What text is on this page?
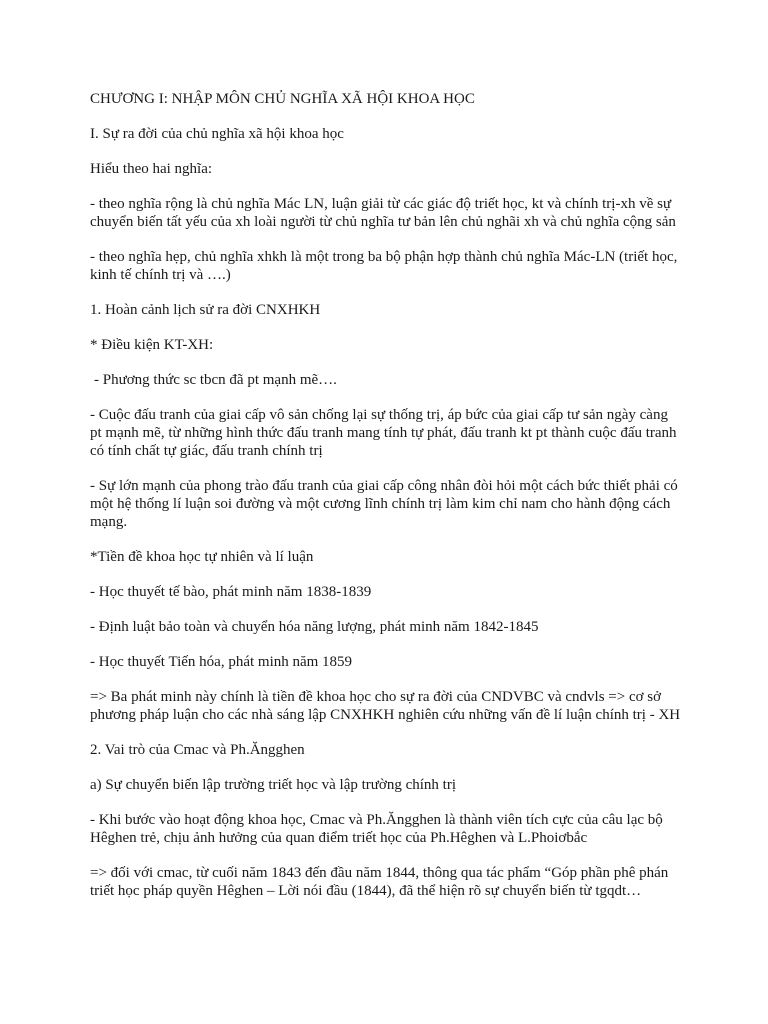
CHƯƠNG I: NHẬP MÔN CHỦ NGHĨA XÃ HỘI KHOA HỌC

I. Sự ra đời của chủ nghĩa xã hội khoa học

Hiểu theo hai nghĩa:

- theo nghĩa rộng là chủ nghĩa Mác LN, luận giải từ các giác độ triết học, kt và chính trị-xh về sự chuyển biến tất yếu của xh loài người từ chủ nghĩa tư bản lên chủ nghãi xh và chủ nghĩa cộng sản

- theo nghĩa hẹp, chủ nghĩa xhkh là một trong ba bộ phận hợp thành chủ nghĩa Mác-LN (triết học, kinh tế chính trị và ….)

1. Hoàn cảnh lịch sử ra đời CNXHKH

* Điều kiện KT-XH:

- Phương thức sc tbcn đã pt mạnh mẽ….

- Cuộc đấu tranh của giai cấp vô sản chống lại sự thống trị, áp bức của giai cấp tư sản ngày càng pt mạnh mẽ, từ những hình thức đấu tranh mang tính tự phát, đấu tranh kt pt thành cuộc đấu tranh có tính chất tự giác, đấu tranh chính trị

- Sự lớn mạnh của phong trào đấu tranh của giai cấp công nhân đòi hỏi một cách bức thiết phải có một hệ thống lí luận soi đường và một cương lĩnh chính trị làm kim chỉ nam cho hành động cách mạng.

*Tiền đề khoa học tự nhiên và lí luận

- Học thuyết tế bào, phát minh năm 1838-1839

- Định luật bảo toàn và chuyển hóa năng lượng, phát minh năm 1842-1845

- Học thuyết Tiến hóa, phát minh năm 1859

=> Ba phát minh này chính là tiền đề khoa học cho sự ra đời của CNDVBC và cndvls => cơ sở phương pháp luận cho các nhà sáng lập CNXHKH nghiên cứu những vấn đề lí luận chính trị - XH

2. Vai trò của Cmac và Ph.Ăngghen

a) Sự chuyển biến lập trường triết học và lập trường chính trị

- Khi bước vào hoạt động khoa học, Cmac và Ph.Ăngghen là thành viên tích cực của câu lạc bộ Hêghen trẻ, chịu ảnh hưởng của quan điểm triết học của Ph.Hêghen và L.Phoiơbắc

=> đối với cmac, từ cuối năm 1843 đến đầu năm 1844, thông qua tác phẩm “Góp phần phê phán triết học pháp quyền Hêghen – Lời nói đầu (1844), đã thể hiện rõ sự chuyển biến từ tgqdt…
